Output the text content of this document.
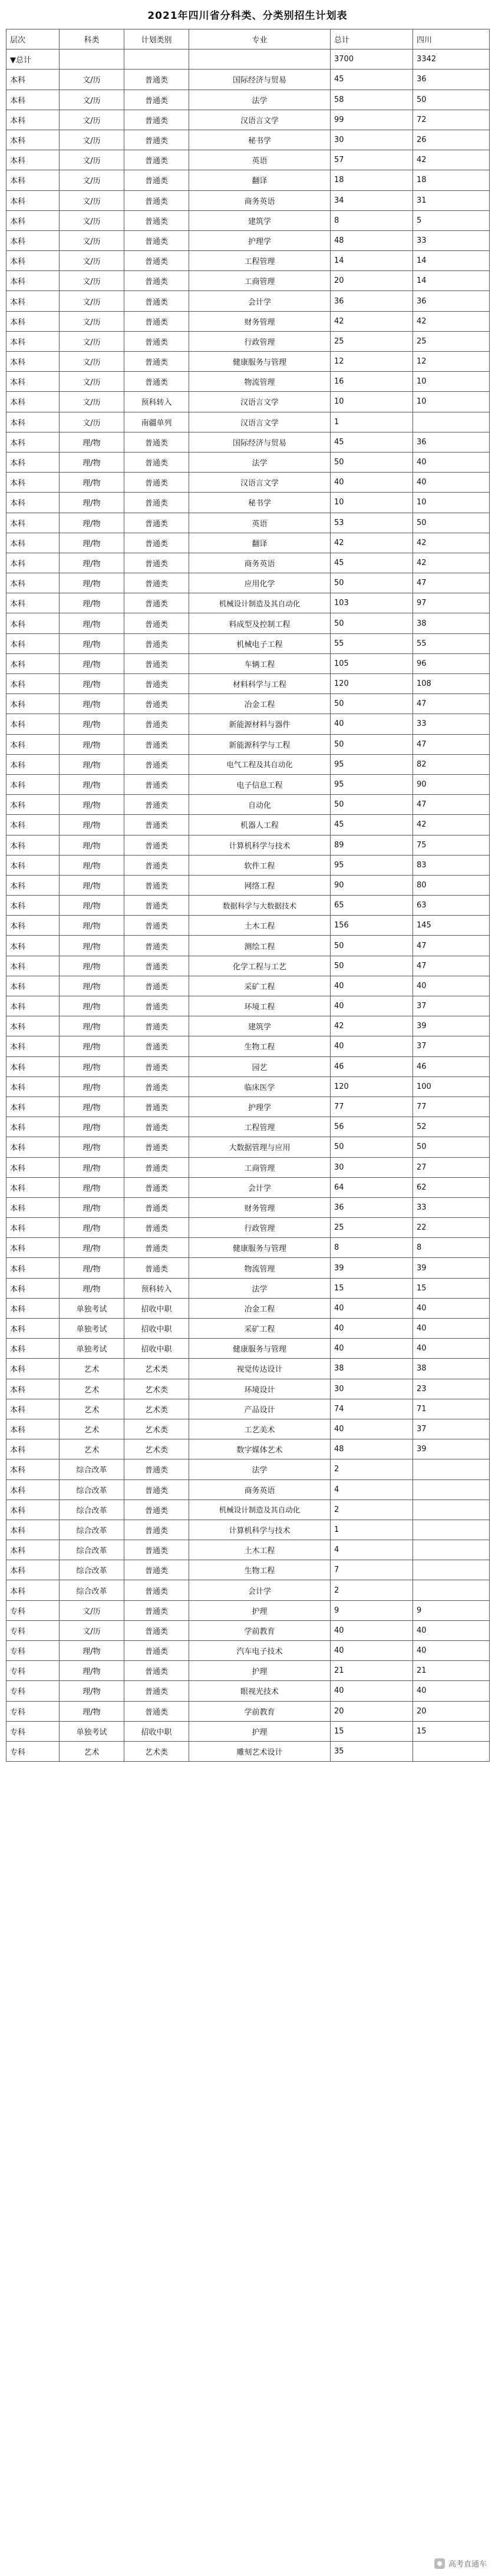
2021年四川省分科类、分类别招生计划表
层次	科类	计划类别	专业	总计	四川
▼总计				3700	3342
本科	文/历	普通类	国际经济与贸易	45	36
本科	文/历	普通类	法学	58	50
本科	文/历	普通类	汉语言文学	99	72
本科	文/历	普通类	秘书学	30	26
本科	文/历	普通类	英语	57	42
本科	文/历	普通类	翻译	18	18
本科	文/历	普通类	商务英语	34	31
本科	文/历	普通类	建筑学	8	5
本科	文/历	普通类	护理学	48	33
本科	文/历	普通类	工程管理	14	14
本科	文/历	普通类	工商管理	20	14
本科	文/历	普通类	会计学	36	36
本科	文/历	普通类	财务管理	42	42
本科	文/历	普通类	行政管理	25	25
本科	文/历	普通类	健康服务与管理	12	12
本科	文/历	普通类	物流管理	16	10
本科	文/历	预科转入	汉语言文学	10	10
本科	文/历	南疆单列	汉语言文学	1	
本科	理/物	普通类	国际经济与贸易	45	36
本科	理/物	普通类	法学	50	40
本科	理/物	普通类	汉语言文学	40	40
本科	理/物	普通类	秘书学	10	10
本科	理/物	普通类	英语	53	50
本科	理/物	普通类	翻译	42	42
本科	理/物	普通类	商务英语	45	42
本科	理/物	普通类	应用化学	50	47
本科	理/物	普通类	机械设计制造及其自动化	103	97
本科	理/物	普通类	料成型及控制工程	50	38
本科	理/物	普通类	机械电子工程	55	55
本科	理/物	普通类	车辆工程	105	96
本科	理/物	普通类	材料科学与工程	120	108
本科	理/物	普通类	冶金工程	50	47
本科	理/物	普通类	新能源材料与器件	40	33
本科	理/物	普通类	新能源科学与工程	50	47
本科	理/物	普通类	电气工程及其自动化	95	82
本科	理/物	普通类	电子信息工程	95	90
本科	理/物	普通类	自动化	50	47
本科	理/物	普通类	机器人工程	45	42
本科	理/物	普通类	计算机科学与技术	89	75
本科	理/物	普通类	软件工程	95	83
本科	理/物	普通类	网络工程	90	80
本科	理/物	普通类	数据科学与大数据技术	65	63
本科	理/物	普通类	土木工程	156	145
本科	理/物	普通类	测绘工程	50	47
本科	理/物	普通类	化学工程与工艺	50	47
本科	理/物	普通类	采矿工程	40	40
本科	理/物	普通类	环境工程	40	37
本科	理/物	普通类	建筑学	42	39
本科	理/物	普通类	生物工程	40	37
本科	理/物	普通类	园艺	46	46
本科	理/物	普通类	临床医学	120	100
本科	理/物	普通类	护理学	77	77
本科	理/物	普通类	工程管理	56	52
本科	理/物	普通类	大数据管理与应用	50	50
本科	理/物	普通类	工商管理	30	27
本科	理/物	普通类	会计学	64	62
本科	理/物	普通类	财务管理	36	33
本科	理/物	普通类	行政管理	25	22
本科	理/物	普通类	健康服务与管理	8	8
本科	理/物	普通类	物流管理	39	39
本科	理/物	预科转入	法学	15	15
本科	单独考试	招收中职	冶金工程	40	40
本科	单独考试	招收中职	采矿工程	40	40
本科	单独考试	招收中职	健康服务与管理	40	40
本科	艺术	艺术类	视觉传达设计	38	38
本科	艺术	艺术类	环境设计	30	23
本科	艺术	艺术类	产品设计	74	71
本科	艺术	艺术类	工艺美术	40	37
本科	艺术	艺术类	数字媒体艺术	48	39
本科	综合改革	普通类	法学	2	
本科	综合改革	普通类	商务英语	4	
本科	综合改革	普通类	机械设计制造及其自动化	2	
本科	综合改革	普通类	计算机科学与技术	1	
本科	综合改革	普通类	土木工程	4	
本科	综合改革	普通类	生物工程	7	
本科	综合改革	普通类	会计学	2	
专科	文/历	普通类	护理	9	9
专科	文/历	普通类	学前教育	40	40
专科	理/物	普通类	汽车电子技术	40	40
专科	理/物	普通类	护理	21	21
专科	理/物	普通类	眼视光技术	40	40
专科	理/物	普通类	学前教育	20	20
专科	单独考试	招收中职	护理	15	15
专科	艺术	艺术类	雕刻艺术设计	35	
高考直通车
